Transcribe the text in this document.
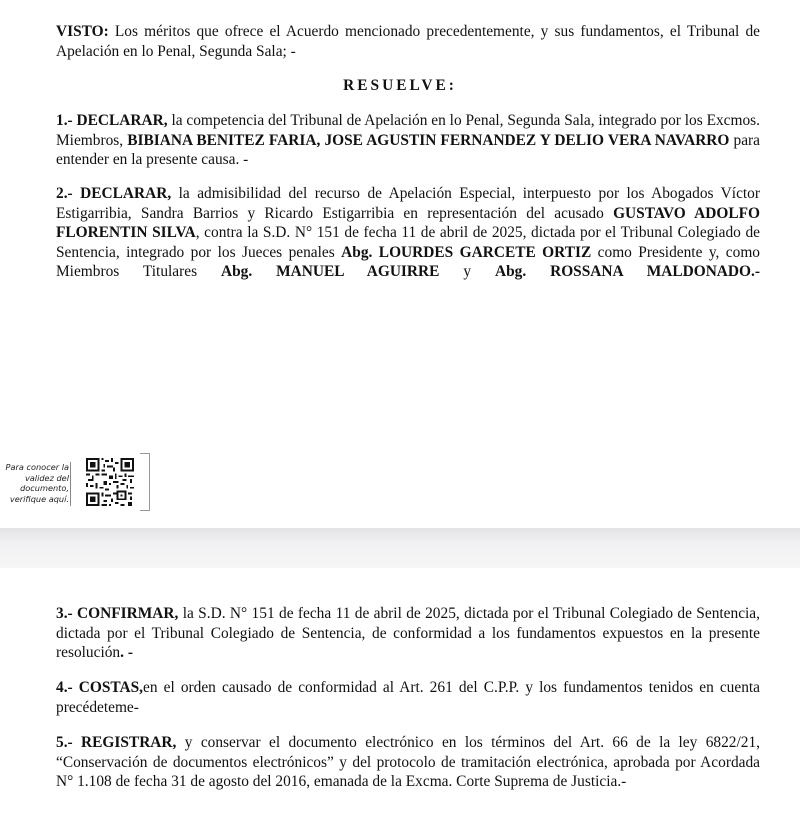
VISTO: Los méritos que ofrece el Acuerdo mencionado precedentemente, y sus fundamentos, el Tribunal de Apelación en lo Penal, Segunda Sala; -

RESUELVE:

1.- DECLARAR, la competencia del Tribunal de Apelación en lo Penal, Segunda Sala, integrado por los Excmos. Miembros, BIBIANA BENITEZ FARIA, JOSE AGUSTIN FERNANDEZ Y DELIO VERA NAVARRO para entender en la presente causa. -

2.- DECLARAR, la admisibilidad del recurso de Apelación Especial, interpuesto por los Abogados Víctor Estigarribia, Sandra Barrios y Ricardo Estigarribia en representación del acusado GUSTAVO ADOLFO FLORENTIN SILVA, contra la S.D. N° 151 de fecha 11 de abril de 2025, dictada por el Tribunal Colegiado de Sentencia, integrado por los Jueces penales Abg. LOURDES GARCETE ORTIZ como Presidente y, como Miembros Titulares Abg. MANUEL AGUIRRE y Abg. ROSSANA MALDONADO.-

Para conocer la
validez del
documento,
verifique aquí.

3.- CONFIRMAR, la S.D. N° 151 de fecha 11 de abril de 2025, dictada por el Tribunal Colegiado de Sentencia, dictada por el Tribunal Colegiado de Sentencia, de conformidad a los fundamentos expuestos en la presente resolución. -

4.- COSTAS,en el orden causado de conformidad al Art. 261 del C.P.P. y los fundamentos tenidos en cuenta precédeteme-

5.- REGISTRAR, y conservar el documento electrónico en los términos del Art. 66 de la ley 6822/21, “Conservación de documentos electrónicos” y del protocolo de tramitación electrónica, aprobada por Acordada N° 1.108 de fecha 31 de agosto del 2016, emanada de la Excma. Corte Suprema de Justicia.-
